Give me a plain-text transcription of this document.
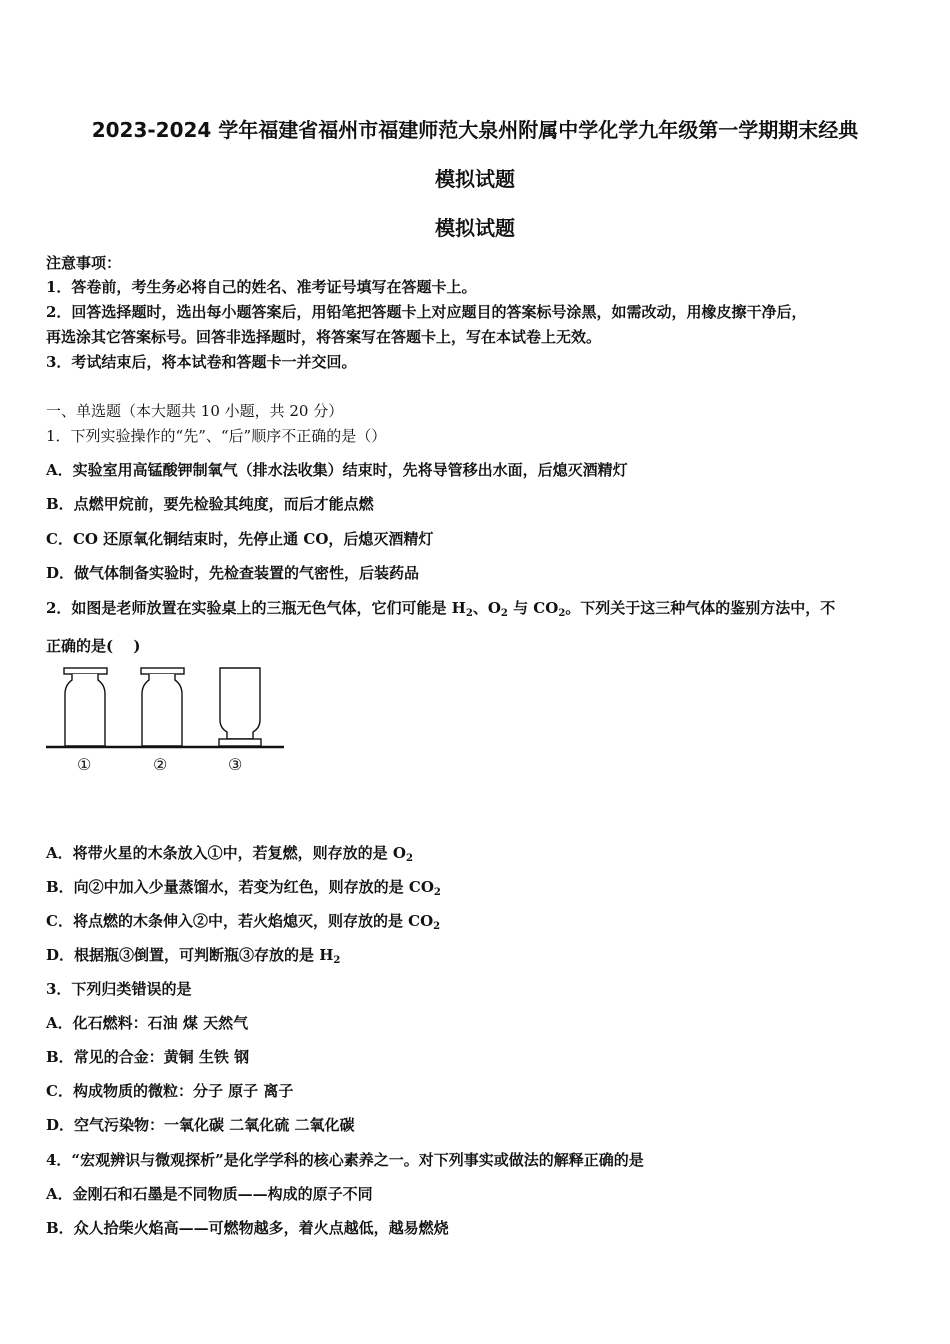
2023-2024 学年福建省福州市福建师范大泉州附属中学化学九年级第一学期期末经典
模拟试题
模拟试题
注意事项：
1．答卷前，考生务必将自己的姓名、准考证号填写在答题卡上。
2．回答选择题时，选出每小题答案后，用铅笔把答题卡上对应题目的答案标号涂黑，如需改动，用橡皮擦干净后，
再选涂其它答案标号。回答非选择题时，将答案写在答题卡上，写在本试卷上无效。
3．考试结束后，将本试卷和答题卡一并交回。
一、单选题（本大题共 10 小题，共 20 分）
1．下列实验操作的“先”、“后”顺序不正确的是（）
A．实验室用高锰酸钾制氧气（排水法收集）结束时，先将导管移出水面，后熄灭酒精灯
B．点燃甲烷前，要先检验其纯度，而后才能点燃
C．CO 还原氧化铜结束时，先停止通 CO，后熄灭酒精灯
D．做气体制备实验时，先检查装置的气密性，后装药品
2．如图是老师放置在实验桌上的三瓶无色气体，它们可能是 $H_2$、$O_2$ 与 $CO_2$。下列关于这三种气体的鉴别方法中，不
正确的是(　 )
①	②	③
A．将带火星的木条放入①中，若复燃，则存放的是 $O_2$
B．向②中加入少量蒸馏水，若变为红色，则存放的是 $CO_2$
C．将点燃的木条伸入②中，若火焰熄灭，则存放的是 $CO_2$
D．根据瓶③倒置，可判断瓶③存放的是 $H_2$
3．下列归类错误的是
A．化石燃料：石油 煤 天然气
B．常见的合金：黄铜 生铁 钢
C．构成物质的微粒：分子 原子 离子
D．空气污染物：一氧化碳 二氧化硫 二氧化碳
4．“宏观辨识与微观探析”是化学学科的核心素养之一。对下列事实或做法的解释正确的是
A．金刚石和石墨是不同物质——构成的原子不同
B．众人拾柴火焰高——可燃物越多，着火点越低，越易燃烧
